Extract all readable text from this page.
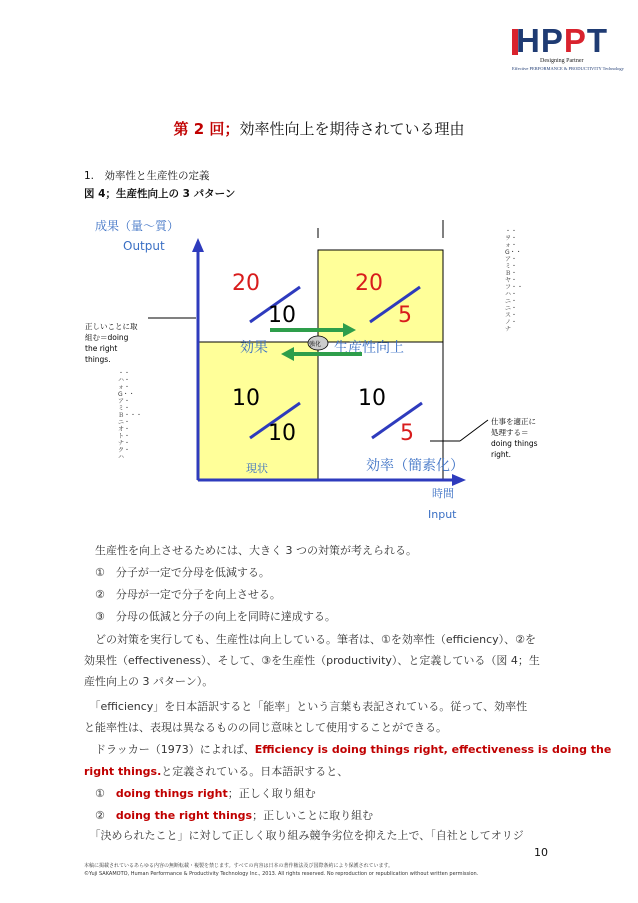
HPPT
Designing Partner
Effective PERFORMANCE & PRODUCTIVITY Technology
第 2 回；効率性向上を期待されている理由
1.　効率性と生産性の定義
図 4；生産性向上の 3 パターン
成果（量～質）
Output
20
10
効果
20
5
生産性向上
10
10
現状
10
5
効率（簡素化）
強化
時間
Input
正しいことに取
組む＝doing
the right
things.
仕事を適正に
処理する＝
doing things
right.
・・ハ・ォ・G・・ア・ミ・Ｂ・・・ニ・オ・ト・ナ・ク・ハ
・・ヲ・ォ・G・・ア・ミ・Ｂ・ヤ・フ・・ハ・ニ・ニ・ス・ノ・ナ
　生産性を向上させるためには、大きく 3 つの対策が考えられる。
　①　分子が一定で分母を低減する。
　②　分母が一定で分子を向上させる。
　③　分母の低減と分子の向上を同時に達成する。
　どの対策を実行しても、生産性は向上している。筆者は、①を効率性（efficiency）、②を
効果性（effectiveness）、そして、③を生産性（productivity）、と定義している（図 4；生
産性向上の 3 パターン）。
　「efficiency」を日本語訳すると「能率」という言葉も表記されている。従って、効率性
と能率性は、表現は異なるものの同じ意味として使用することができる。
　ドラッカー（1973）によれば、Efficiency is doing things right, effectiveness is doing the
right things.と定義されている。日本語訳すると、
　①　doing things right；正しく取り組む
　②　doing the right things；正しいことに取り組む
　「決められたこと」に対して正しく取り組み競争劣位を抑えた上で、「自社としてオリジ
10
本稿に掲載されているあらゆる内容の無断転載・複製を禁じます。すべての内容は日本の著作権法及び国際条約により保護されています。
©Yuji SAKAMOTO, Human Performance & Productivity Technology Inc., 2013. All rights reserved. No reproduction or republication without written permission.
